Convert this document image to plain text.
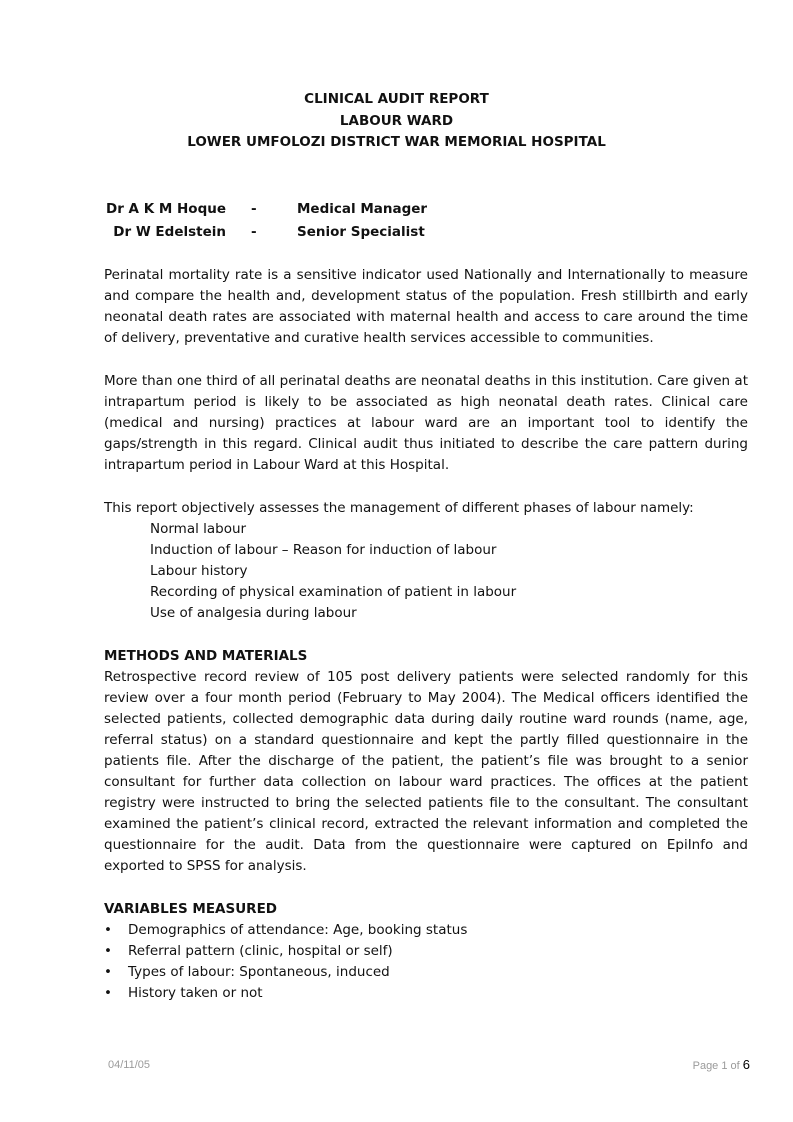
CLINICAL AUDIT REPORT
LABOUR WARD
LOWER UMFOLOZI DISTRICT WAR MEMORIAL HOSPITAL
Dr A K M Hoque -	Medical Manager
Dr W Edelstein -	Senior Specialist

Perinatal mortality rate is a sensitive indicator used Nationally and Internationally to measure and compare the health and, development status of the population. Fresh stillbirth and early neonatal death rates are associated with maternal health and access to care around the time of delivery, preventative and curative health services accessible to communities.

More than one third of all perinatal deaths are neonatal deaths in this institution. Care given at intrapartum period is likely to be associated as high neonatal death rates. Clinical care (medical and nursing) practices at labour ward are an important tool to identify the gaps/strength in this regard. Clinical audit thus initiated to describe the care pattern during intrapartum period in Labour Ward at this Hospital.

This report objectively assesses the management of different phases of labour namely:

Normal labour
Induction of labour – Reason for induction of labour
Labour history
Recording of physical examination of patient in labour
Use of analgesia during labour

METHODS AND MATERIALS

Retrospective record review of 105 post delivery patients were selected randomly for this review over a four month period (February to May 2004). The Medical officers identified the selected patients, collected demographic data during daily routine ward rounds (name, age, referral status) on a standard questionnaire and kept the partly filled questionnaire in the patients file. After the discharge of the patient, the patient’s file was brought to a senior consultant for further data collection on labour ward practices. The offices at the patient registry were instructed to bring the selected patients file to the consultant. The consultant examined the patient’s clinical record, extracted the relevant information and completed the questionnaire for the audit. Data from the questionnaire were captured on EpiInfo and exported to SPSS for analysis.

VARIABLES MEASURED

• Demographics of attendance: Age, booking status
• Referral pattern (clinic, hospital or self)
• Types of labour: Spontaneous, induced
• History taken or not
04/11/05	Page 1 of 6
